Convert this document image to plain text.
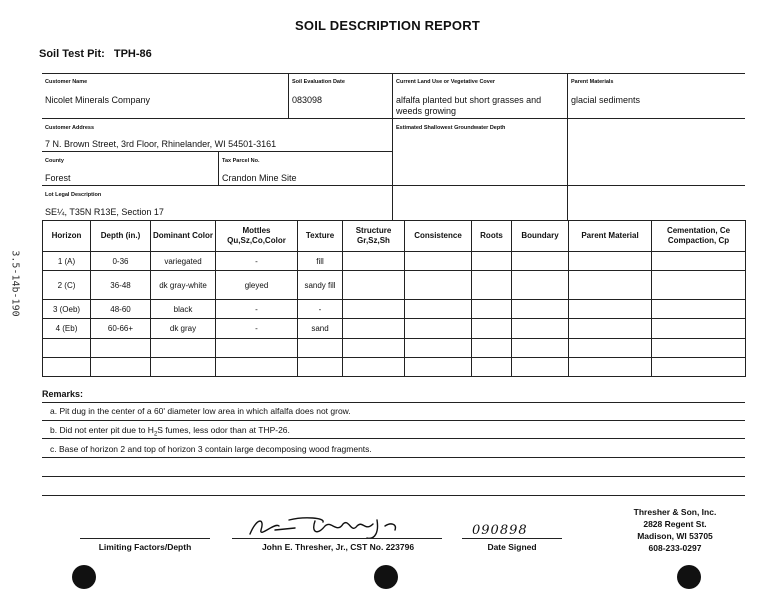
SOIL DESCRIPTION REPORT
Soil Test Pit: TPH-86
3.5-14b-190
Customer Name
Nicolet Minerals Company
Soil Evaluation Date
083098
Current Land Use or Vegetative Cover
alfalfa planted but short grasses and weeds growing
Parent Materials
glacial sediments
Customer Address
7 N. Brown Street, 3rd Floor, Rhinelander, WI 54501-3161
Estimated Shallowest Groundwater Depth
County
Forest
Tax Parcel No.
Crandon Mine Site
Lot Legal Description
SE¼, T35N R13E, Section 17
Horizon	Depth (in.)	Dominant Color	Mottles Qu,Sz,Co,Color	Texture	Structure Gr,Sz,Sh	Consistence	Roots	Boundary	Parent Material	Cementation, Ce Compaction, Cp
1 (A)	0-36	variegated	-	fill						
2 (C)	36-48	dk gray-white	gleyed	sandy fill						
3 (Oeb)	48-60	black	-	-						
4 (Eb)	60-66+	dk gray	-	sand						

Remarks:
a. Pit dug in the center of a 60' diameter low area in which alfalfa does not grow.
b. Did not enter pit due to $H_2S$ fumes, less odor than at THP-26.
c. Base of horizon 2 and top of horizon 3 contain large decomposing wood fragments.
090898
Limiting Factors/Depth	John E. Thresher, Jr., CST No. 223796	Date Signed
Thresher & Son, Inc.
2828 Regent St.
Madison, WI 53705
608-233-0297
